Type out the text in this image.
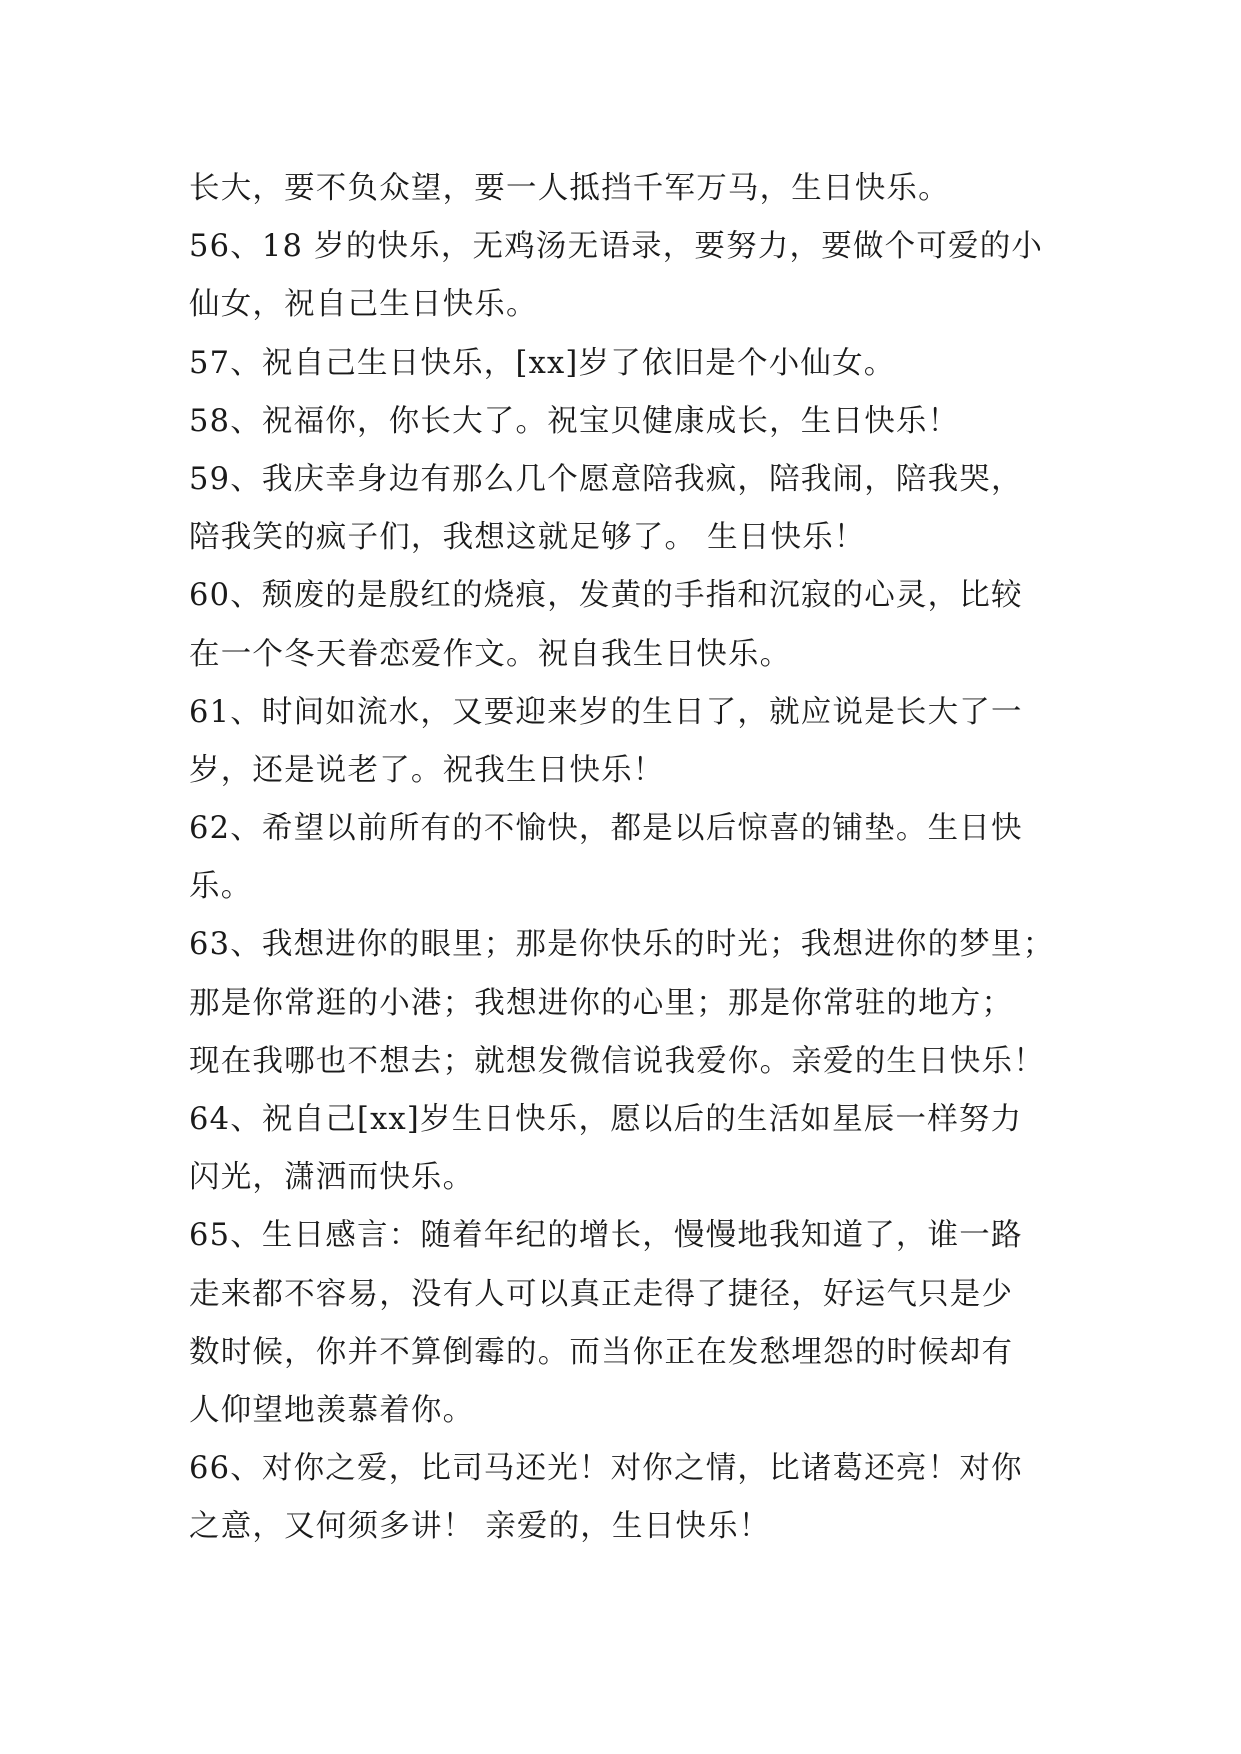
长大，要不负众望，要一人抵挡千军万马，生日快乐。
56、18 岁的快乐，无鸡汤无语录，要努力，要做个可爱的小
仙女，祝自己生日快乐。
57、祝自己生日快乐，[xx]岁了依旧是个小仙女。
58、祝福你，你长大了。祝宝贝健康成长，生日快乐！
59、我庆幸身边有那么几个愿意陪我疯，陪我闹，陪我哭，
陪我笑的疯子们，我想这就足够了。 生日快乐！
60、颓废的是殷红的烧痕，发黄的手指和沉寂的心灵，比较
在一个冬天眷恋爱作文。祝自我生日快乐。
61、时间如流水，又要迎来岁的生日了，就应说是长大了一
岁，还是说老了。祝我生日快乐！
62、希望以前所有的不愉快，都是以后惊喜的铺垫。生日快
乐。
63、我想进你的眼里；那是你快乐的时光；我想进你的梦里；
那是你常逛的小港；我想进你的心里；那是你常驻的地方；
现在我哪也不想去；就想发微信说我爱你。亲爱的生日快乐！
64、祝自己[xx]岁生日快乐，愿以后的生活如星辰一样努力
闪光，潇洒而快乐。
65、生日感言：随着年纪的增长，慢慢地我知道了，谁一路
走来都不容易，没有人可以真正走得了捷径，好运气只是少
数时候，你并不算倒霉的。而当你正在发愁埋怨的时候却有
人仰望地羡慕着你。
66、对你之爱，比司马还光！对你之情，比诸葛还亮！对你
之意，又何须多讲！ 亲爱的，生日快乐！
